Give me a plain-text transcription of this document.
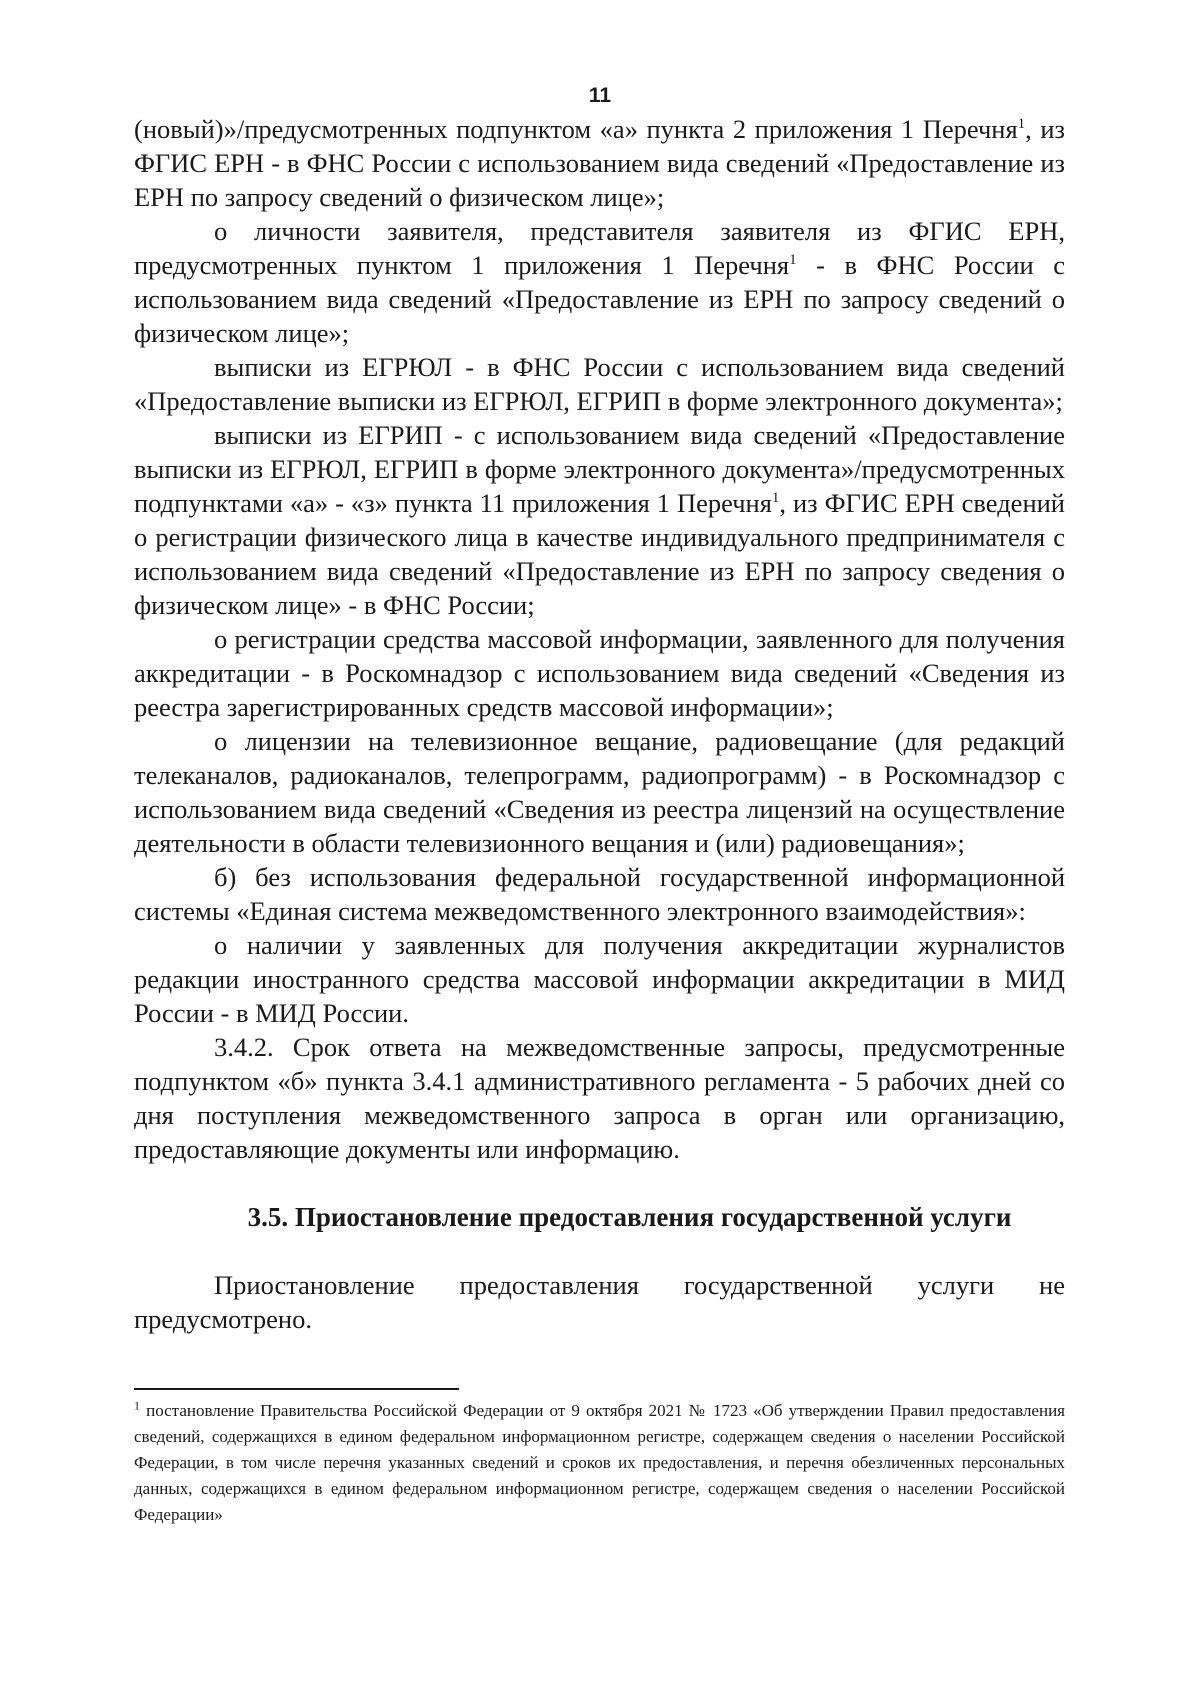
11

(новый)»/предусмотренных подпунктом «а» пункта 2 приложения 1 Перечня$^1$, из ФГИС ЕРН - в ФНС России с использованием вида сведений «Предоставление из ЕРН по запросу сведений о физическом лице»;

о личности заявителя, представителя заявителя из ФГИС ЕРН, предусмотренных пунктом 1 приложения 1 Перечня$^1$ - в ФНС России с использованием вида сведений «Предоставление из ЕРН по запросу сведений о физическом лице»;

выписки из ЕГРЮЛ - в ФНС России с использованием вида сведений «Предоставление выписки из ЕГРЮЛ, ЕГРИП в форме электронного документа»;

выписки из ЕГРИП - с использованием вида сведений «Предоставление выписки из ЕГРЮЛ, ЕГРИП в форме электронного документа»/предусмотренных подпунктами «а» - «з» пункта 11 приложения 1 Перечня$^1$, из ФГИС ЕРН сведений о регистрации физического лица в качестве индивидуального предпринимателя с использованием вида сведений «Предоставление из ЕРН по запросу сведения о физическом лице» - в ФНС России;

о регистрации средства массовой информации, заявленного для получения аккредитации - в Роскомнадзор с использованием вида сведений «Сведения из реестра зарегистрированных средств массовой информации»;

о лицензии на телевизионное вещание, радиовещание (для редакций телеканалов, радиоканалов, телепрограмм, радиопрограмм) - в Роскомнадзор с использованием вида сведений «Сведения из реестра лицензий на осуществление деятельности в области телевизионного вещания и (или) радиовещания»;

б) без использования федеральной государственной информационной системы «Единая система межведомственного электронного взаимодействия»:

о наличии у заявленных для получения аккредитации журналистов редакции иностранного средства массовой информации аккредитации в МИД России - в МИД России.

3.4.2. Срок ответа на межведомственные запросы, предусмотренные подпунктом «б» пункта 3.4.1 административного регламента - 5 рабочих дней со дня поступления межведомственного запроса в орган или организацию, предоставляющие документы или информацию.

3.5. Приостановление предоставления государственной услуги

Приостановление предоставления государственной услуги не предусмотрено.

$^1$ постановление Правительства Российской Федерации от 9 октября 2021 № 1723 «Об утверждении Правил предоставления сведений, содержащихся в едином федеральном информационном регистре, содержащем сведения о населении Российской Федерации, в том числе перечня указанных сведений и сроков их предоставления, и перечня обезличенных персональных данных, содержащихся в едином федеральном информационном регистре, содержащем сведения о населении Российской Федерации»
